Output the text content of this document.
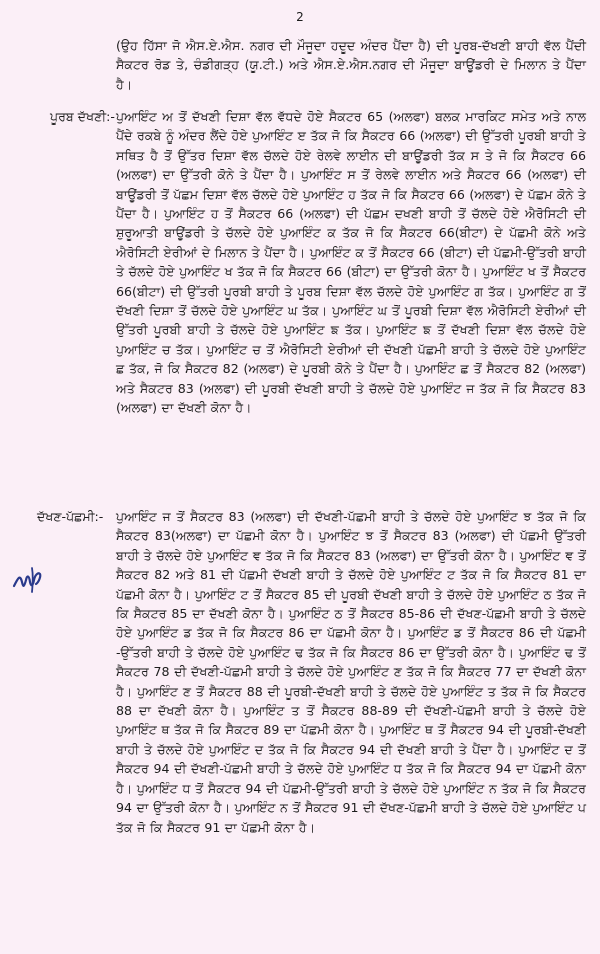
2
(ਉਹ ਹਿੱਸਾ ਜੋ ਐਸ.ਏ.ਐਸ. ਨਗਰ ਦੀ ਮੌਜੂਦਾ ਹਦੂਦ ਅੰਦਰ ਪੈਂਦਾ ਹੈ) ਦੀ ਪੂਰਬ-ਦੱਖਣੀ ਬਾਹੀ ਵੱਲ ਪੈਂਦੀ ਸੈਕਟਰ ਰੋਡ ਤੇ, ਚੰਡੀਗੜ੍ਹ (ਯੂ.ਟੀ.) ਅਤੇ ਐਸ.ਏ.ਐਸ.ਨਗਰ ਦੀ ਮੌਜੂਦਾ ਬਾਊਂਡਰੀ ਦੇ ਮਿਲਾਨ ਤੇ ਪੈਂਦਾ ਹੈ।
ਪੂਰਬ ਦੱਖਣੀ:- ਪੁਆਇੰਟ ਅ ਤੋਂ ਦੱਖਣੀ ਦਿਸ਼ਾ ਵੱਲ ਵੱਧਦੇ ਹੋਏ ਸੈਕਟਰ 65 (ਅਲਫਾ) ਬਲਕ ਮਾਰਕਿਟ ਸਮੇਤ ਅਤੇ ਨਾਲ ਪੈਂਦੇ ਰਕਬੇ ਨੂੰ ਅੰਦਰ ਲੈਂਦੇ ਹੋਏ ਪੁਆਇੰਟ ੲ ਤੱਕ ਜੋ ਕਿ ਸੈਕਟਰ 66 (ਅਲਫਾ) ਦੀ ਉੱਤਰੀ ਪੂਰਬੀ ਬਾਹੀ ਤੇ ਸਥਿਤ ਹੈ ਤੋਂ ਉੱਤਰ ਦਿਸ਼ਾ ਵੱਲ ਚੱਲਦੇ ਹੋਏ ਰੇਲਵੇ ਲਾਈਨ ਦੀ ਬਾਊਂਡਰੀ ਤੱਕ ਸ ਤੇ ਜੋ ਕਿ ਸੈਕਟਰ 66 (ਅਲਫਾ) ਦਾ ਉੱਤਰੀ ਕੋਨੇ ਤੇ ਪੈਂਦਾ ਹੈ। ਪੁਆਇੰਟ ਸ ਤੋਂ ਰੇਲਵੇ ਲਾਈਨ ਅਤੇ ਸੈਕਟਰ 66 (ਅਲਫਾ) ਦੀ ਬਾਊਂਡਰੀ ਤੋਂ ਪੱਛਮ ਦਿਸ਼ਾ ਵੱਲ ਚੱਲਦੇ ਹੋਏ ਪੁਆਇੰਟ ਹ ਤੱਕ ਜੋ ਕਿ ਸੈਕਟਰ 66 (ਅਲਫਾ) ਦੇ ਪੱਛਮ ਕੋਨੇ ਤੇ ਪੈਂਦਾ ਹੈ। ਪੁਆਇੰਟ ਹ ਤੋਂ ਸੈਕਟਰ 66 (ਅਲਫਾ) ਦੀ ਪੱਛਮ ਦਖਣੀ ਬਾਹੀ ਤੋਂ ਚੱਲਦੇ ਹੋਏ ਐਰੋਸਿਟੀ ਦੀ ਸ਼ੁਰੂਆਤੀ ਬਾਊਂਡਰੀ ਤੇ ਚੱਲਦੇ ਹੋਏ ਪੁਆਇੰਟ ਕ ਤੱਕ ਜੋ ਕਿ ਸੈਕਟਰ 66(ਬੀਟਾ) ਦੇ ਪੱਛਮੀ ਕੋਨੇ ਅਤੇ ਐਰੋਸਿਟੀ ਏਰੀਆਂ ਦੇ ਮਿਲਾਨ ਤੇ ਪੈਂਦਾ ਹੈ। ਪੁਆਇੰਟ ਕ ਤੋਂ ਸੈਕਟਰ 66 (ਬੀਟਾ) ਦੀ ਪੱਛਮੀ-ਉੱਤਰੀ ਬਾਹੀ ਤੇ ਚੱਲਦੇ ਹੋਏ ਪੁਆਇੰਟ ਖ ਤੱਕ ਜੋ ਕਿ ਸੈਕਟਰ 66 (ਬੀਟਾ) ਦਾ ਉੱਤਰੀ ਕੋਨਾ ਹੈ। ਪੁਆਇੰਟ ਖ ਤੋਂ ਸੈਕਟਰ 66(ਬੀਟਾ) ਦੀ ਉੱਤਰੀ ਪੂਰਬੀ ਬਾਹੀ ਤੇ ਪੂਰਬ ਦਿਸ਼ਾ ਵੱਲ ਚੱਲਦੇ ਹੋਏ ਪੁਆਇੰਟ ਗ ਤੱਕ। ਪੁਆਇੰਟ ਗ ਤੋਂ ਦੱਖਣੀ ਦਿਸ਼ਾ ਤੋਂ ਚੱਲਦੇ ਹੋਏ ਪੁਆਇੰਟ ਘ ਤੱਕ। ਪੁਆਇੰਟ ਘ ਤੋਂ ਪੂਰਬੀ ਦਿਸ਼ਾ ਵੱਲ ਐਰੋਸਿਟੀ ਏਰੀਆਂ ਦੀ ਉੱਤਰੀ ਪੂਰਬੀ ਬਾਹੀ ਤੇ ਚੱਲਦੇ ਹੋਏ ਪੁਆਇੰਟ ਙ ਤੱਕ। ਪੁਆਇੰਟ ਙ ਤੋਂ ਦੱਖਣੀ ਦਿਸ਼ਾ ਵੱਲ ਚੱਲਦੇ ਹੋਏ ਪੁਆਇੰਟ ਚ ਤੱਕ। ਪੁਆਇੰਟ ਚ ਤੋਂ ਐਰੋਸਿਟੀ ਏਰੀਆਂ ਦੀ ਦੱਖਣੀ ਪੱਛਮੀ ਬਾਹੀ ਤੇ ਚੱਲਦੇ ਹੋਏ ਪੁਆਇੰਟ ਛ ਤੱਕ, ਜੋ ਕਿ ਸੈਕਟਰ 82 (ਅਲਫਾ) ਦੇ ਪੂਰਬੀ ਕੋਨੇ ਤੇ ਪੈਂਦਾ ਹੈ। ਪੁਆਇੰਟ ਛ ਤੋਂ ਸੈਕਟਰ 82 (ਅਲਫਾ) ਅਤੇ ਸੈਕਟਰ 83 (ਅਲਫਾ) ਦੀ ਪੂਰਬੀ ਦੱਖਣੀ ਬਾਹੀ ਤੇ ਚੱਲਦੇ ਹੋਏ ਪੁਆਇੰਟ ਜ ਤੱਕ ਜੋ ਕਿ ਸੈਕਟਰ 83 (ਅਲਫਾ) ਦਾ ਦੱਖਣੀ ਕੋਨਾ ਹੈ।
ਦੱਖਣ-ਪੱਛਮੀ:- ਪੁਆਇੰਟ ਜ ਤੋਂ ਸੈਕਟਰ 83 (ਅਲਫਾ) ਦੀ ਦੱਖਣੀ-ਪੱਛਮੀ ਬਾਹੀ ਤੇ ਚੱਲਦੇ ਹੋਏ ਪੁਆਇੰਟ ਝ ਤੱਕ ਜੋ ਕਿ ਸੈਕਟਰ 83(ਅਲਫਾ) ਦਾ ਪੱਛਮੀ ਕੋਨਾ ਹੈ। ਪੁਆਇੰਟ ਝ ਤੋਂ ਸੈਕਟਰ 83 (ਅਲਫਾ) ਦੀ ਪੱਛਮੀ ਉੱਤਰੀ ਬਾਹੀ ਤੇ ਚੱਲਦੇ ਹੋਏ ਪੁਆਇੰਟ ਞ ਤੱਕ ਜੋ ਕਿ ਸੈਕਟਰ 83 (ਅਲਫਾ) ਦਾ ਉੱਤਰੀ ਕੋਨਾ ਹੈ। ਪੁਆਇੰਟ ਞ ਤੋਂ ਸੈਕਟਰ 82 ਅਤੇ 81 ਦੀ ਪੱਛਮੀ ਦੱਖਣੀ ਬਾਹੀ ਤੇ ਚੱਲਦੇ ਹੋਏ ਪੁਆਇੰਟ ਟ ਤੱਕ ਜੋ ਕਿ ਸੈਕਟਰ 81 ਦਾ ਪੱਛਮੀ ਕੋਨਾ ਹੈ। ਪੁਆਇੰਟ ਟ ਤੋਂ ਸੈਕਟਰ 85 ਦੀ ਪੂਰਬੀ ਦੱਖਣੀ ਬਾਹੀ ਤੇ ਚੱਲਦੇ ਹੋਏ ਪੁਆਇੰਟ ਠ ਤੱਕ ਜੋ ਕਿ ਸੈਕਟਰ 85 ਦਾ ਦੱਖਣੀ ਕੋਨਾ ਹੈ। ਪੁਆਇੰਟ ਠ ਤੋਂ ਸੈਕਟਰ 85-86 ਦੀ ਦੱਖਣ-ਪੱਛਮੀ ਬਾਹੀ ਤੇ ਚੱਲਦੇ ਹੋਏ ਪੁਆਇੰਟ ਡ ਤੱਕ ਜੋ ਕਿ ਸੈਕਟਰ 86 ਦਾ ਪੱਛਮੀ ਕੋਨਾ ਹੈ। ਪੁਆਇੰਟ ਡ ਤੋਂ ਸੈਕਟਰ 86 ਦੀ ਪੱਛਮੀ -ਉੱਤਰੀ ਬਾਹੀ ਤੇ ਚੱਲਦੇ ਹੋਏ ਪੁਆਇੰਟ ਢ ਤੱਕ ਜੋ ਕਿ ਸੈਕਟਰ 86 ਦਾ ਉੱਤਰੀ ਕੋਨਾ ਹੈ। ਪੁਆਇੰਟ ਢ ਤੋਂ ਸੈਕਟਰ 78 ਦੀ ਦੱਖਣੀ-ਪੱਛਮੀ ਬਾਹੀ ਤੇ ਚੱਲਦੇ ਹੋਏ ਪੁਆਇੰਟ ਣ ਤੱਕ ਜੋ ਕਿ ਸੈਕਟਰ 77 ਦਾ ਦੱਖਣੀ ਕੋਨਾ ਹੈ। ਪੁਆਇੰਟ ਣ ਤੋਂ ਸੈਕਟਰ 88 ਦੀ ਪੂਰਬੀ-ਦੱਖਣੀ ਬਾਹੀ ਤੇ ਚੱਲਦੇ ਹੋਏ ਪੁਆਇੰਟ ਤ ਤੱਕ ਜੋ ਕਿ ਸੈਕਟਰ 88 ਦਾ ਦੱਖਣੀ ਕੋਨਾ ਹੈ। ਪੁਆਇੰਟ ਤ ਤੋਂ ਸੈਕਟਰ 88-89 ਦੀ ਦੱਖਣੀ-ਪੱਛਮੀ ਬਾਹੀ ਤੇ ਚੱਲਦੇ ਹੋਏ ਪੁਆਇੰਟ ਥ ਤੱਕ ਜੋ ਕਿ ਸੈਕਟਰ 89 ਦਾ ਪੱਛਮੀ ਕੋਨਾ ਹੈ। ਪੁਆਇੰਟ ਥ ਤੋਂ ਸੈਕਟਰ 94 ਦੀ ਪੂਰਬੀ-ਦੱਖਣੀ ਬਾਹੀ ਤੇ ਚੱਲਦੇ ਹੋਏ ਪੁਆਇੰਟ ਦ ਤੱਕ ਜੋ ਕਿ ਸੈਕਟਰ 94 ਦੀ ਦੱਖਣੀ ਬਾਹੀ ਤੇ ਪੈਂਦਾ ਹੈ। ਪੁਆਇੰਟ ਦ ਤੋਂ ਸੈਕਟਰ 94 ਦੀ ਦੱਖਣੀ-ਪੱਛਮੀ ਬਾਹੀ ਤੇ ਚੱਲਦੇ ਹੋਏ ਪੁਆਇੰਟ ਧ ਤੱਕ ਜੋ ਕਿ ਸੈਕਟਰ 94 ਦਾ ਪੱਛਮੀ ਕੋਨਾ ਹੈ। ਪੁਆਇੰਟ ਧ ਤੋਂ ਸੈਕਟਰ 94 ਦੀ ਪੱਛਮੀ-ਉੱਤਰੀ ਬਾਹੀ ਤੇ ਚੱਲਦੇ ਹੋਏ ਪੁਆਇੰਟ ਨ ਤੱਕ ਜੋ ਕਿ ਸੈਕਟਰ 94 ਦਾ ਉੱਤਰੀ ਕੋਨਾ ਹੈ। ਪੁਆਇੰਟ ਨ ਤੋਂ ਸੈਕਟਰ 91 ਦੀ ਦੱਖਣ-ਪੱਛਮੀ ਬਾਹੀ ਤੇ ਚੱਲਦੇ ਹੋਏ ਪੁਆਇੰਟ ਪ ਤੱਕ ਜੋ ਕਿ ਸੈਕਟਰ 91 ਦਾ ਪੱਛਮੀ ਕੋਨਾ ਹੈ।
